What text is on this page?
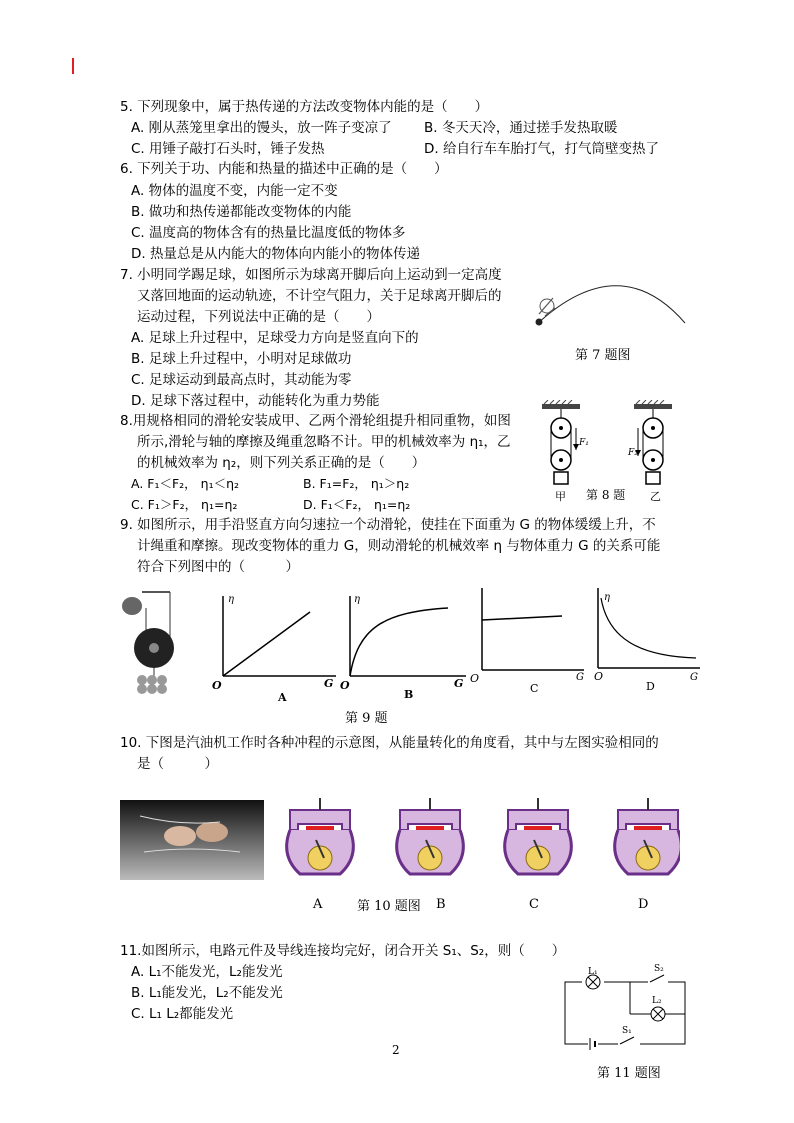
5. 下列现象中，属于热传递的方法改变物体内能的是（　　）
A. 刚从蒸笼里拿出的馒头，放一阵子变凉了 B. 冬天天冷，通过搓手发热取暖
C. 用锤子敲打石头时，锤子发热	D. 给自行车车胎打气，打气筒壁变热了
6. 下列关于功、内能和热量的描述中正确的是（　　）
A. 物体的温度不变，内能一定不变
B. 做功和热传递都能改变物体的内能
C. 温度高的物体含有的热量比温度低的物体多
D. 热量总是从内能大的物体向内能小的物体传递
7. 小明同学踢足球，如图所示为球离开脚后向上运动到一定高度
又落回地面的运动轨迹，不计空气阻力，关于足球离开脚后的
运动过程，下列说法中正确的是（　　）
A. 足球上升过程中，足球受力方向是竖直向下的
B. 足球上升过程中，小明对足球做功
C. 足球运动到最高点时，其动能为零
D. 足球下落过程中，动能转化为重力势能
第 7 题图
8.用规格相同的滑轮安装成甲、乙两个滑轮组提升相同重物，如图
所示,滑轮与轴的摩擦及绳重忽略不计。甲的机械效率为 η₁，乙
的机械效率为 η₂，则下列关系正确的是（　　）
A. F₁＜F₂， η₁＜η₂	B. F₁=F₂， η₁＞η₂
C. F₁＞F₂， η₁=η₂	D. F₁＜F₂， η₁=η₂
F₁
甲
F₂
乙
第 8 题
9. 如图所示，用手沿竖直方向匀速拉一个动滑轮，使挂在下面重为 G 的物体缓缓上升，不
计绳重和摩擦。现改变物体的重力 G，则动滑轮的机械效率 η 与物体重力 G 的关系可能
符合下列图中的（　　　）
η
O	G
A
η
O	G
B
O	G
C
η
O	G
D
第 9 题
10. 下图是汽油机工作时各种冲程的示意图，从能量转化的角度看，其中与左图实验相同的
是（　　　）
A	第 10 题图 B	C	D
11.如图所示，电路元件及导线连接均完好，闭合开关 S₁、S₂，则（　　）
A. L₁不能发光，L₂能发光
B. L₁能发光，L₂不能发光
C. L₁ L₂都能发光
L₁	S₂
L₂
S₁
第 11 题图
2
